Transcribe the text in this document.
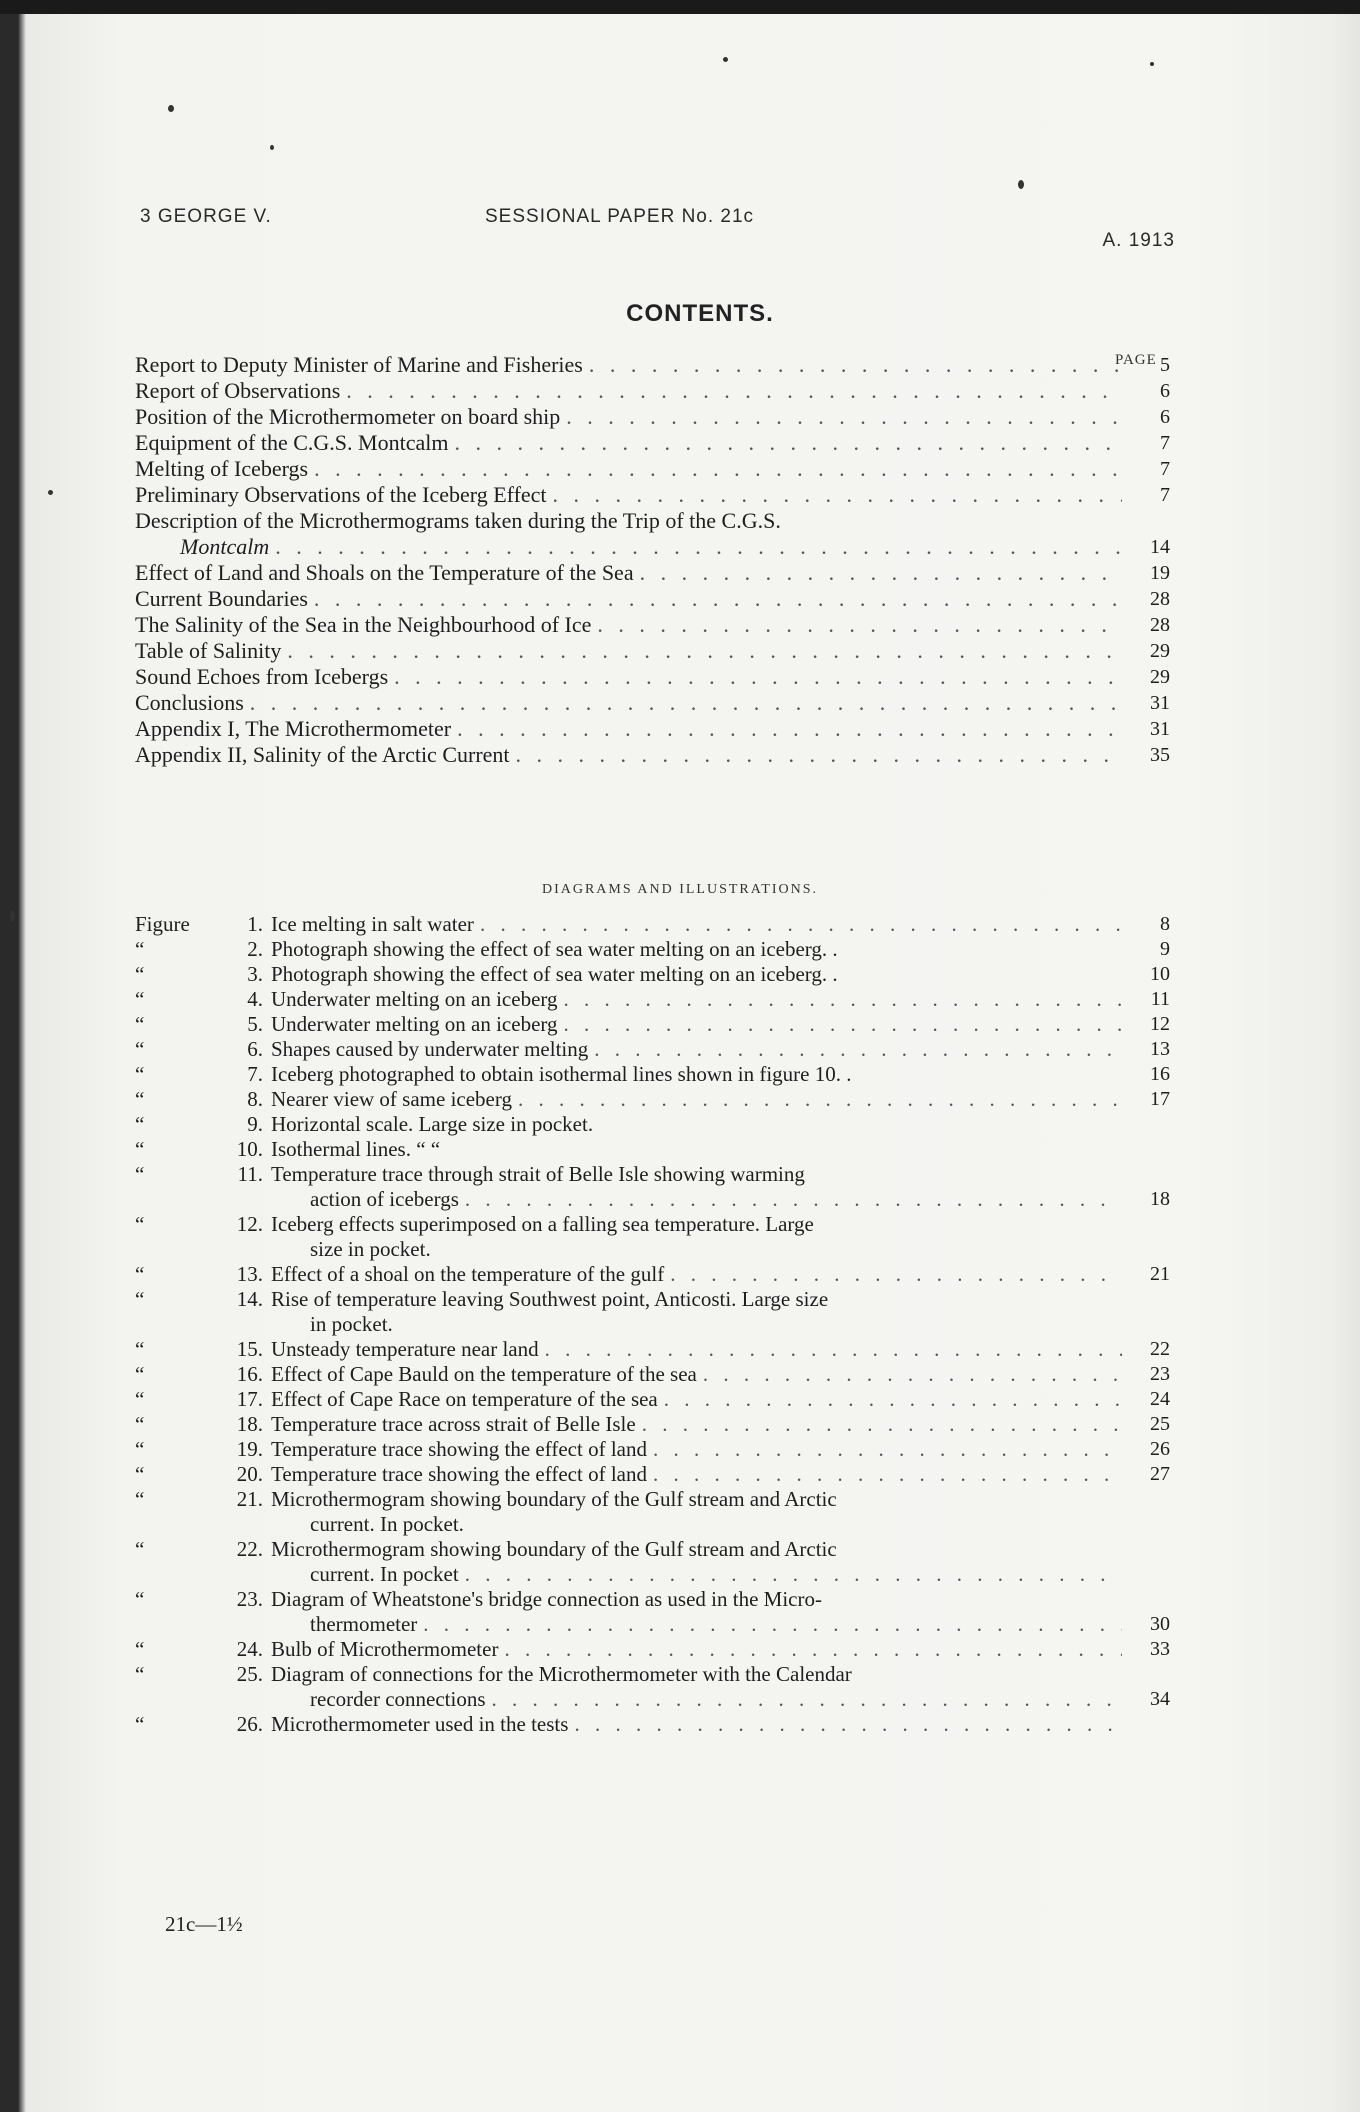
3 GEORGE V.	SESSIONAL PAPER No. 21c
A. 1913
CONTENTS.
PAGE
Report to Deputy Minister of Marine and Fisheries . . .	5
Report of Observations . . .	6
Position of the Microthermometer on board ship . . .	6
Equipment of the C.G.S. Montcalm . . .	7
Melting of Icebergs . . .	7
Preliminary Observations of the Iceberg Effect . . .	7
Description of the Microthermograms taken during the Trip of the C.G.S.
Montcalm . . .	14
Effect of Land and Shoals on the Temperature of the Sea . . .	19
Current Boundaries . . .	28
The Salinity of the Sea in the Neighbourhood of Ice . . .	28
Table of Salinity . . .	29
Sound Echoes from Icebergs . . .	29
Conclusions . . .	31
Appendix I, The Microthermometer . . .	31
Appendix II, Salinity of the Arctic Current . . .	35
DIAGRAMS AND ILLUSTRATIONS.
Figure	1. Ice melting in salt water . . .	8
“	2. Photograph showing the effect of sea water melting on an iceberg. .	9
“	3. Photograph showing the effect of sea water melting on an iceberg. .	10
“	4. Underwater melting on an iceberg . . .	11
“	5. Underwater melting on an iceberg . . .	12
“	6. Shapes caused by underwater melting . . .	13
“	7. Iceberg photographed to obtain isothermal lines shown in figure 10. .	16
“	8. Nearer view of same iceberg . . .	17
“	9. Horizontal scale. Large size in pocket.
“	10. Isothermal lines. “ “
“	11. Temperature trace through strait of Belle Isle showing warming
action of icebergs . . .	18
“	12. Iceberg effects superimposed on a falling sea temperature. Large
size in pocket.
“	13. Effect of a shoal on the temperature of the gulf . . .	21
“	14. Rise of temperature leaving Southwest point, Anticosti. Large size
in pocket.
“	15. Unsteady temperature near land . . .	22
“	16. Effect of Cape Bauld on the temperature of the sea . . .	23
“	17. Effect of Cape Race on temperature of the sea . . .	24
“	18. Temperature trace across strait of Belle Isle . . .	25
“	19. Temperature trace showing the effect of land . . .	26
“	20. Temperature trace showing the effect of land . . .	27
“	21. Microthermogram showing boundary of the Gulf stream and Arctic
current. In pocket.
“	22. Microthermogram showing boundary of the Gulf stream and Arctic
current. In pocket
. . .
“	23. Diagram of Wheatstone's bridge connection as used in the Micro-
thermometer . . .	30
“	24. Bulb of Microthermometer . . .	33
“	25. Diagram of connections for the Microthermometer with the Calendar
recorder connections . . .	34
“	26. Microthermometer used in the tests
. . .
21c—1½
